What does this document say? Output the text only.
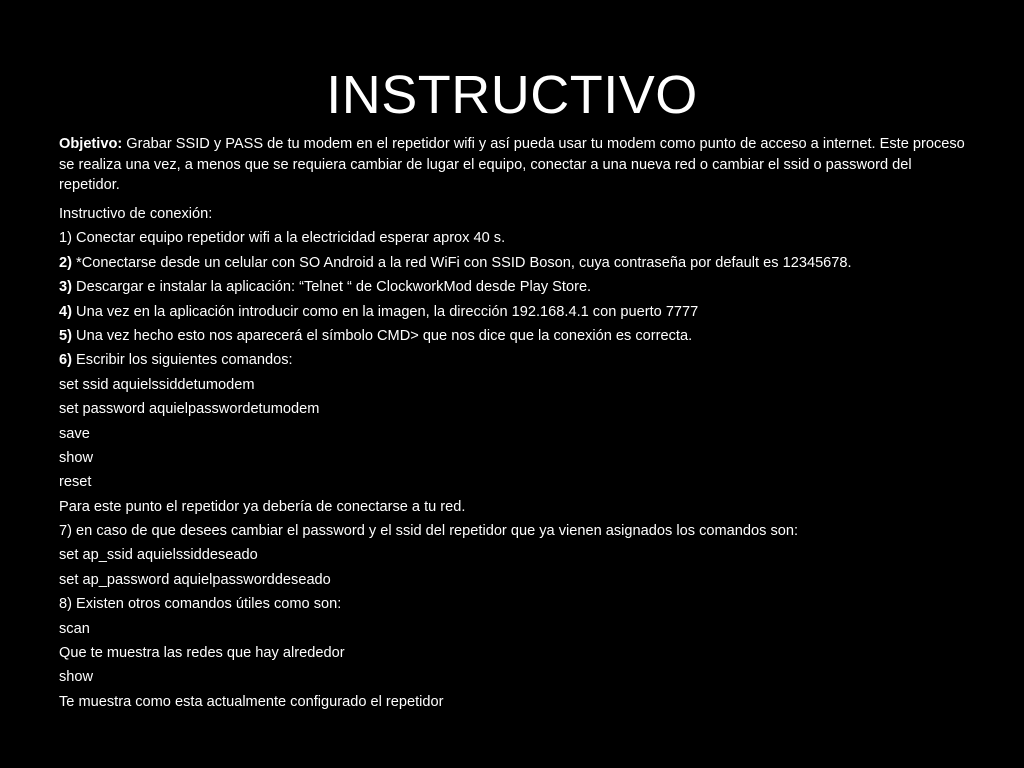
INSTRUCTIVO

Objetivo: Grabar SSID y PASS de tu modem en el repetidor wifi y así pueda usar tu modem como punto de acceso a internet. Este proceso se realiza una vez, a menos que se requiera cambiar de lugar el equipo, conectar a una nueva red o cambiar el ssid o password del repetidor.

Instructivo de conexión:

1) Conectar equipo repetidor wifi a la electricidad esperar aprox 40 s.

2) *Conectarse desde un celular con SO Android a la red WiFi con SSID Boson, cuya contraseña por default es 12345678.

3) Descargar e instalar la aplicación: “Telnet “ de ClockworkMod desde Play Store.

4) Una vez en la aplicación introducir como en la imagen, la dirección 192.168.4.1 con puerto 7777

5) Una vez hecho esto nos aparecerá el símbolo CMD> que nos dice que la conexión es correcta.

6) Escribir los siguientes comandos:

set ssid aquielssiddetumodem

set password aquielpasswordetumodem

save

show

reset

Para este punto el repetidor ya debería de conectarse a tu red.

7) en caso de que desees cambiar el password y el ssid del repetidor que ya vienen asignados los comandos son:

set ap_ssid aquielssiddeseado

set ap_password aquielpassworddeseado

8) Existen otros comandos útiles como son:

scan

Que te muestra las redes que hay alrededor

show

Te muestra como esta actualmente configurado el repetidor
